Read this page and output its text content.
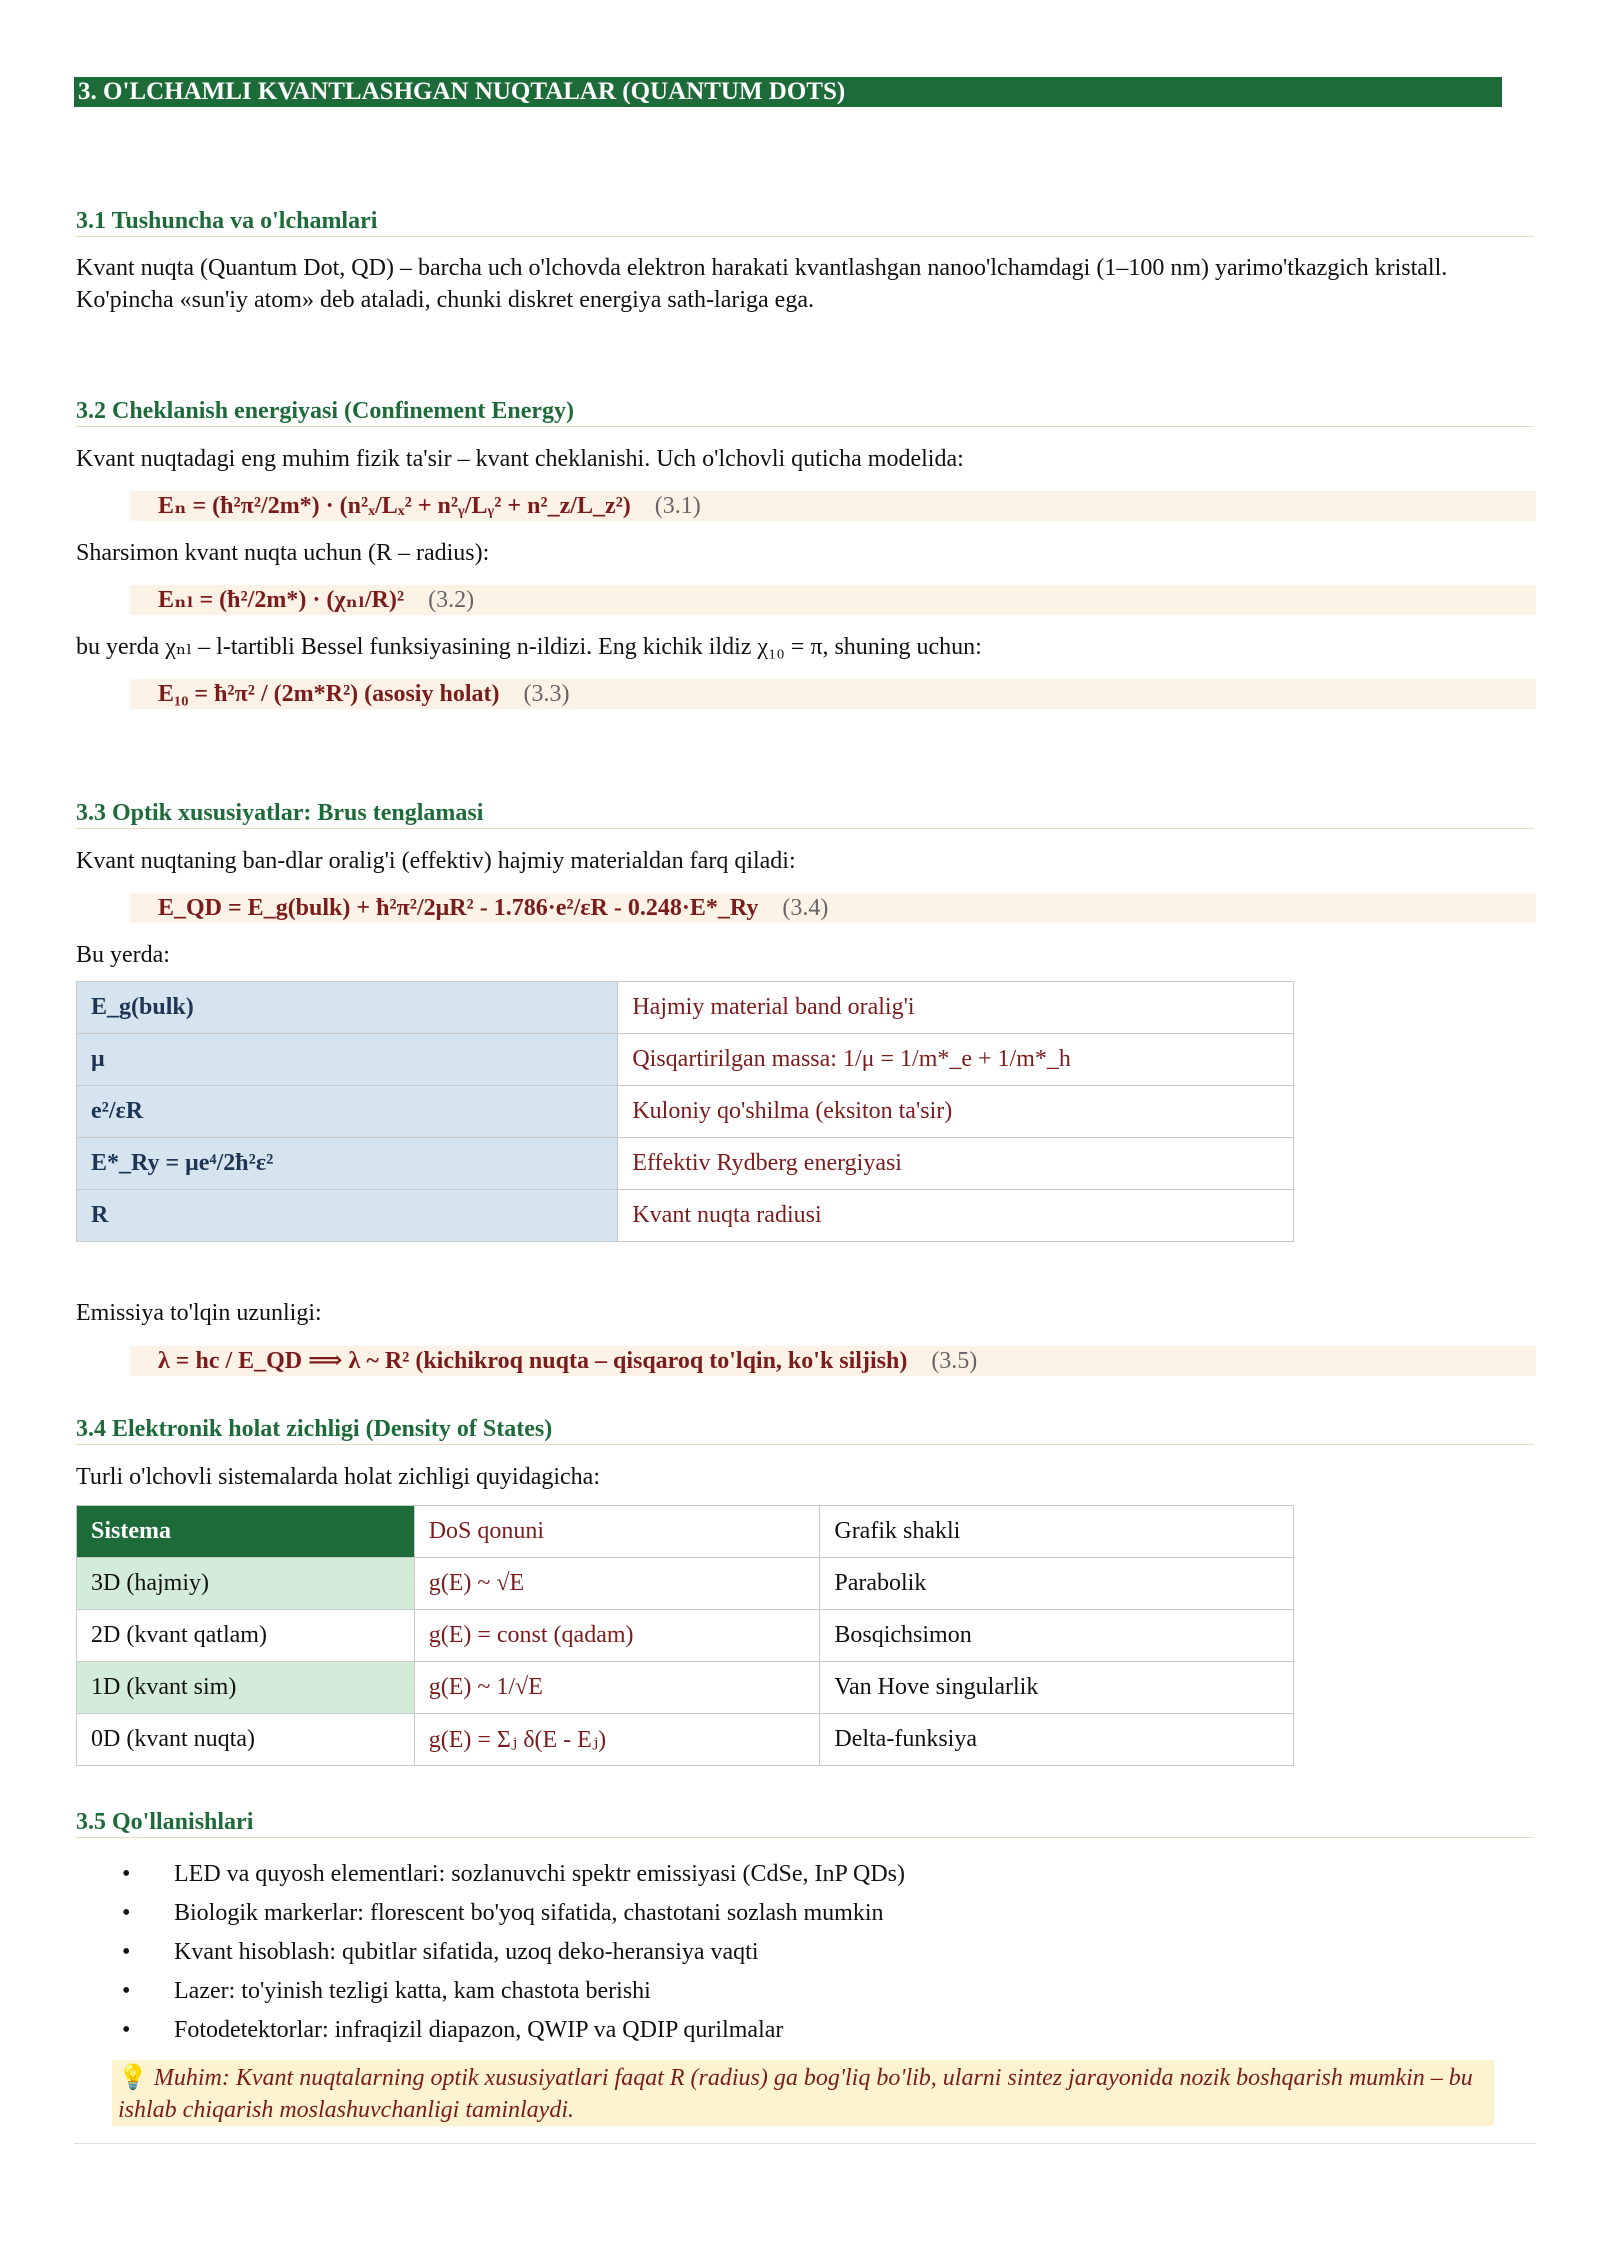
3. O'LCHAMLI KVANTLASHGAN NUQTALAR (QUANTUM DOTS)
3.1 Tushuncha va o'lchamlari
Kvant nuqta (Quantum Dot, QD) – barcha uch o'lchovda elektron harakati kvantlashgan nanoo'lchamdagi (1–100 nm) yarimo'tkazgich kristall. Ko'pincha «sun'iy atom» deb ataladi, chunki diskret energiya sath-lariga ega.
3.2 Cheklanish energiyasi (Confinement Energy)
Kvant nuqtadagi eng muhim fizik ta'sir – kvant cheklanishi. Uch o'lchovli quticha modelida:
Eₙ = (ħ²π²/2m*) · (n²ₓ/Lₓ² + n²ᵧ/Lᵧ² + n²_z/L_z²) (3.1)
Sharsimon kvant nuqta uchun (R – radius):
Eₙₗ = (ħ²/2m*) · (χₙₗ/R)² (3.2)
bu yerda χₙₗ – l-tartibli Bessel funksiyasining n-ildizi. Eng kichik ildiz χ₁₀ = π, shuning uchun:
E₁₀ = ħ²π² / (2m*R²) (asosiy holat) (3.3)
3.3 Optik xususiyatlar: Brus tenglamasi
Kvant nuqtaning ban-dlar oralig'i (effektiv) hajmiy materialdan farq qiladi:
E_QD = E_g(bulk) + ħ²π²/2μR² - 1.786·e²/εR - 0.248·E*_Ry (3.4)
Bu yerda:
E_g(bulk)	Hajmiy material band oralig'i
μ	Qisqartirilgan massa: 1/μ = 1/m*_e + 1/m*_h
e²/εR	Kuloniy qo'shilma (eksiton ta'sir)
E*_Ry = μe⁴/2ħ²ε²	Effektiv Rydberg energiyasi
R	Kvant nuqta radiusi
Emissiya to'lqin uzunligi:
λ = hc / E_QD ⟹ λ ~ R² (kichikroq nuqta – qisqaroq to'lqin, ko'k siljish) (3.5)
3.4 Elektronik holat zichligi (Density of States)
Turli o'lchovli sistemalarda holat zichligi quyidagicha:
Sistema	DoS qonuni	Grafik shakli
3D (hajmiy)	g(E) ~ √E	Parabolik
2D (kvant qatlam)	g(E) = const (qadam)	Bosqichsimon
1D (kvant sim)	g(E) ~ 1/√E	Van Hove singularlik
0D (kvant nuqta)	g(E) = Σⱼ δ(E - Eⱼ)	Delta-funksiya
3.5 Qo'llanishlari
• LED va quyosh elementlari: sozlanuvchi spektr emissiyasi (CdSe, InP QDs)
• Biologik markerlar: florescent bo'yoq sifatida, chastotani sozlash mumkin
• Kvant hisoblash: qubitlar sifatida, uzoq deko-heransiya vaqti
• Lazer: to'yinish tezligi katta, kam chastota berishi
• Fotodetektorlar: infraqizil diapazon, QWIP va QDIP qurilmalar
💡 Muhim: Kvant nuqtalarning optik xususiyatlari faqat R (radius) ga bog'liq bo'lib, ularni sintez jarayonida nozik boshqarish mumkin – bu ishlab chiqarish moslashuvchanligi taminlaydi.
